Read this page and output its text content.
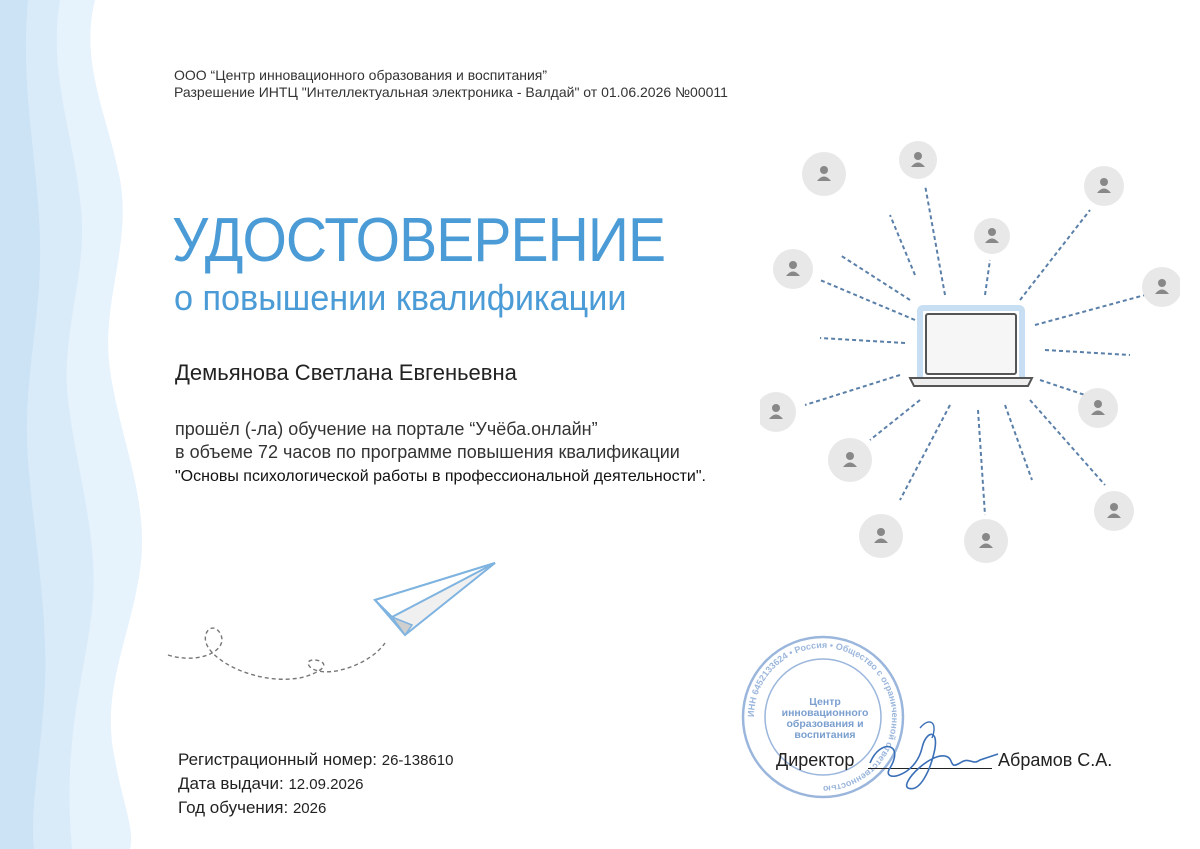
ООО “Центр инновационного образования и воспитания”
Разрешение ИНТЦ "Интеллектуальная электроника - Валдай" от 01.06.2026 №00011
УДОСТОВЕРЕНИЕ
о повышении квалификации
Демьянова Светлана Евгеньевна
прошёл (-ла) обучение на портале “Учёба.онлайн”
в объеме 72 часов по программе повышения квалификации
"Основы психологической работы в профессиональной деятельности".
Регистрационный номер: 26-138610
Дата выдачи: 12.09.2026
Год обучения: 2026
ИНН 6452133624 • Россия • Общество с ограниченной ответственностью
Центр инновационного образования и воспитания
Директор	Абрамов С.А.
